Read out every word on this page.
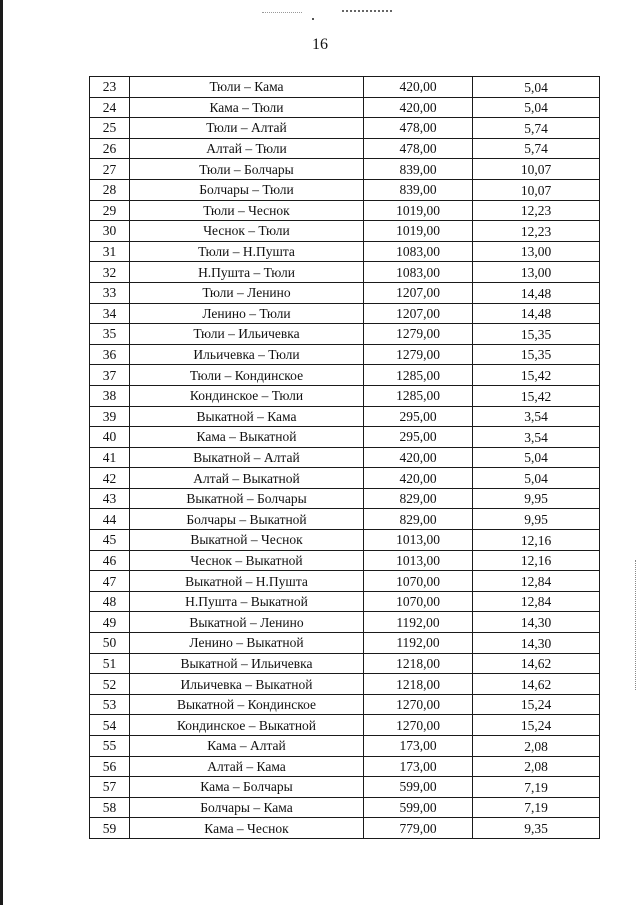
16
23	Тюли – Кама	420,00	5,04
24	Кама – Тюли	420,00	5,04
25	Тюли – Алтай	478,00	5,74
26	Алтай – Тюли	478,00	5,74
27	Тюли – Болчары	839,00	10,07
28	Болчары – Тюли	839,00	10,07
29	Тюли – Чеснок	1019,00	12,23
30	Чеснок – Тюли	1019,00	12,23
31	Тюли – Н.Пушта	1083,00	13,00
32	Н.Пушта – Тюли	1083,00	13,00
33	Тюли – Ленино	1207,00	14,48
34	Ленино – Тюли	1207,00	14,48
35	Тюли – Ильичевка	1279,00	15,35
36	Ильичевка – Тюли	1279,00	15,35
37	Тюли – Кондинское	1285,00	15,42
38	Кондинское – Тюли	1285,00	15,42
39	Выкатной – Кама	295,00	3,54
40	Кама – Выкатной	295,00	3,54
41	Выкатной – Алтай	420,00	5,04
42	Алтай – Выкатной	420,00	5,04
43	Выкатной – Болчары	829,00	9,95
44	Болчары – Выкатной	829,00	9,95
45	Выкатной – Чеснок	1013,00	12,16
46	Чеснок – Выкатной	1013,00	12,16
47	Выкатной – Н.Пушта	1070,00	12,84
48	Н.Пушта – Выкатной	1070,00	12,84
49	Выкатной – Ленино	1192,00	14,30
50	Ленино – Выкатной	1192,00	14,30
51	Выкатной – Ильичевка	1218,00	14,62
52	Ильичевка – Выкатной	1218,00	14,62
53	Выкатной – Кондинское	1270,00	15,24
54	Кондинское – Выкатной	1270,00	15,24
55	Кама – Алтай	173,00	2,08
56	Алтай – Кама	173,00	2,08
57	Кама – Болчары	599,00	7,19
58	Болчары – Кама	599,00	7,19
59	Кама – Чеснок	779,00	9,35
